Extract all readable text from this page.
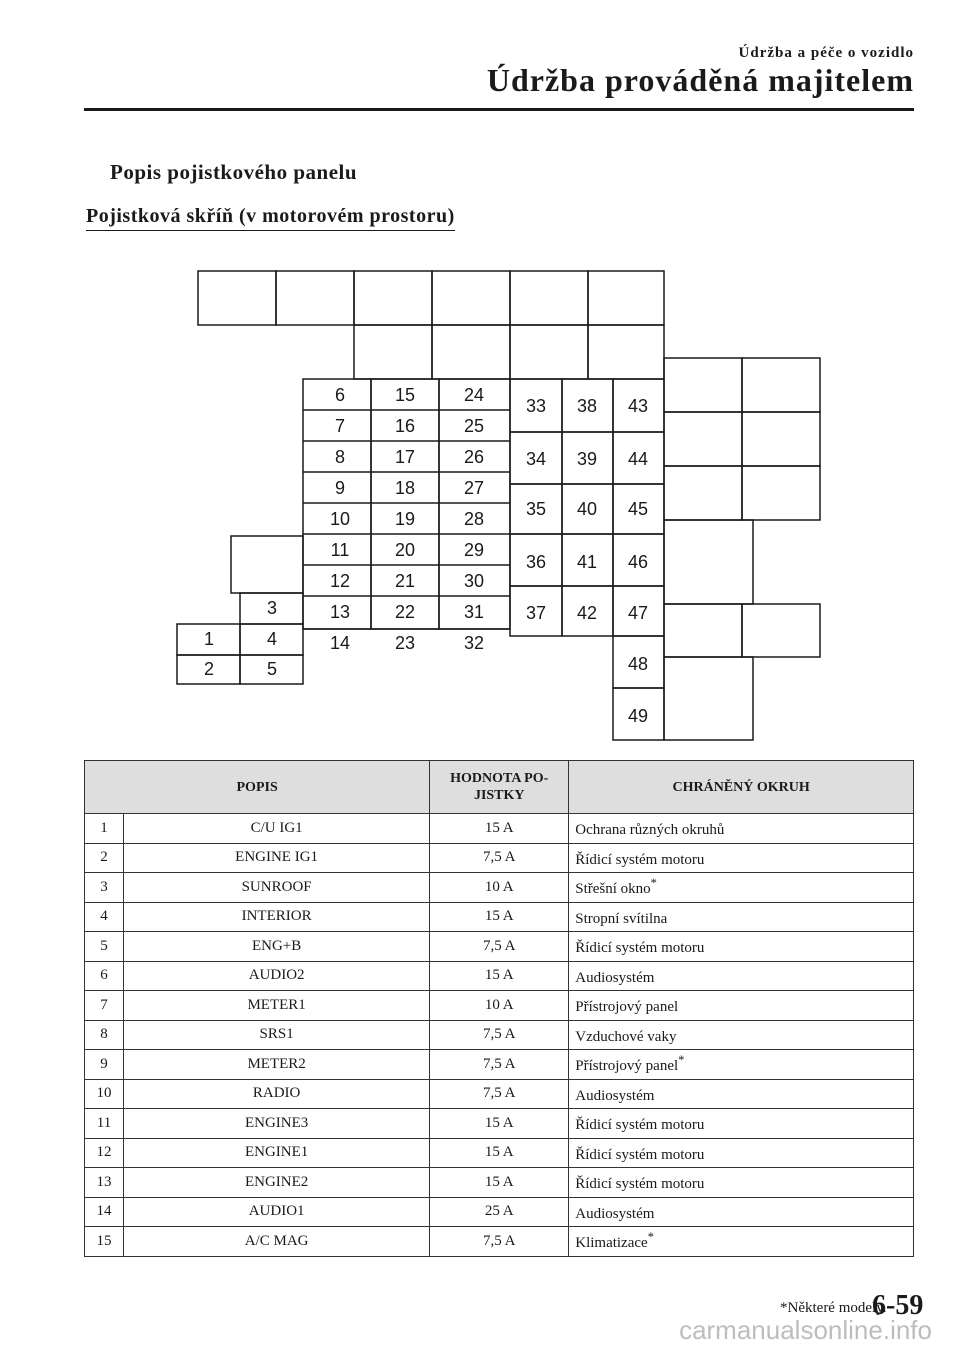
Údržba a péče o vozidlo
Údržba prováděná majitelem
Popis pojistkového panelu
Pojistková skříň (v motorovém prostoru)
1
2
3
4
5
6
7
8
9
10
11
12
13
14
15
16
17
18
19
20
21
22
23
24
25
26
27
28
29
30
31
32
33
34
35
36
37
38
39
40
41
42
43
44
45
46
47
48
49
POPIS		HODNOTA PO-
JISTKY	CHRÁNĚNÝ OKRUH
1	C/U IG1	15 A	Ochrana různých okruhů
2	ENGINE IG1	7,5 A	Řídicí systém motoru
3	SUNROOF	10 A	Střešní okno*
4	INTERIOR	15 A	Stropní svítilna
5	ENG+B	7,5 A	Řídicí systém motoru
6	AUDIO2	15 A	Audiosystém
7	METER1	10 A	Přístrojový panel
8	SRS1	7,5 A	Vzduchové vaky
9	METER2	7,5 A	Přístrojový panel*
10	RADIO	7,5 A	Audiosystém
11	ENGINE3	15 A	Řídicí systém motoru
12	ENGINE1	15 A	Řídicí systém motoru
13	ENGINE2	15 A	Řídicí systém motoru
14	AUDIO1	25 A	Audiosystém
15	A/C MAG	7,5 A	Klimatizace*
*Některé modely.
6-59
carmanualsonline.info
